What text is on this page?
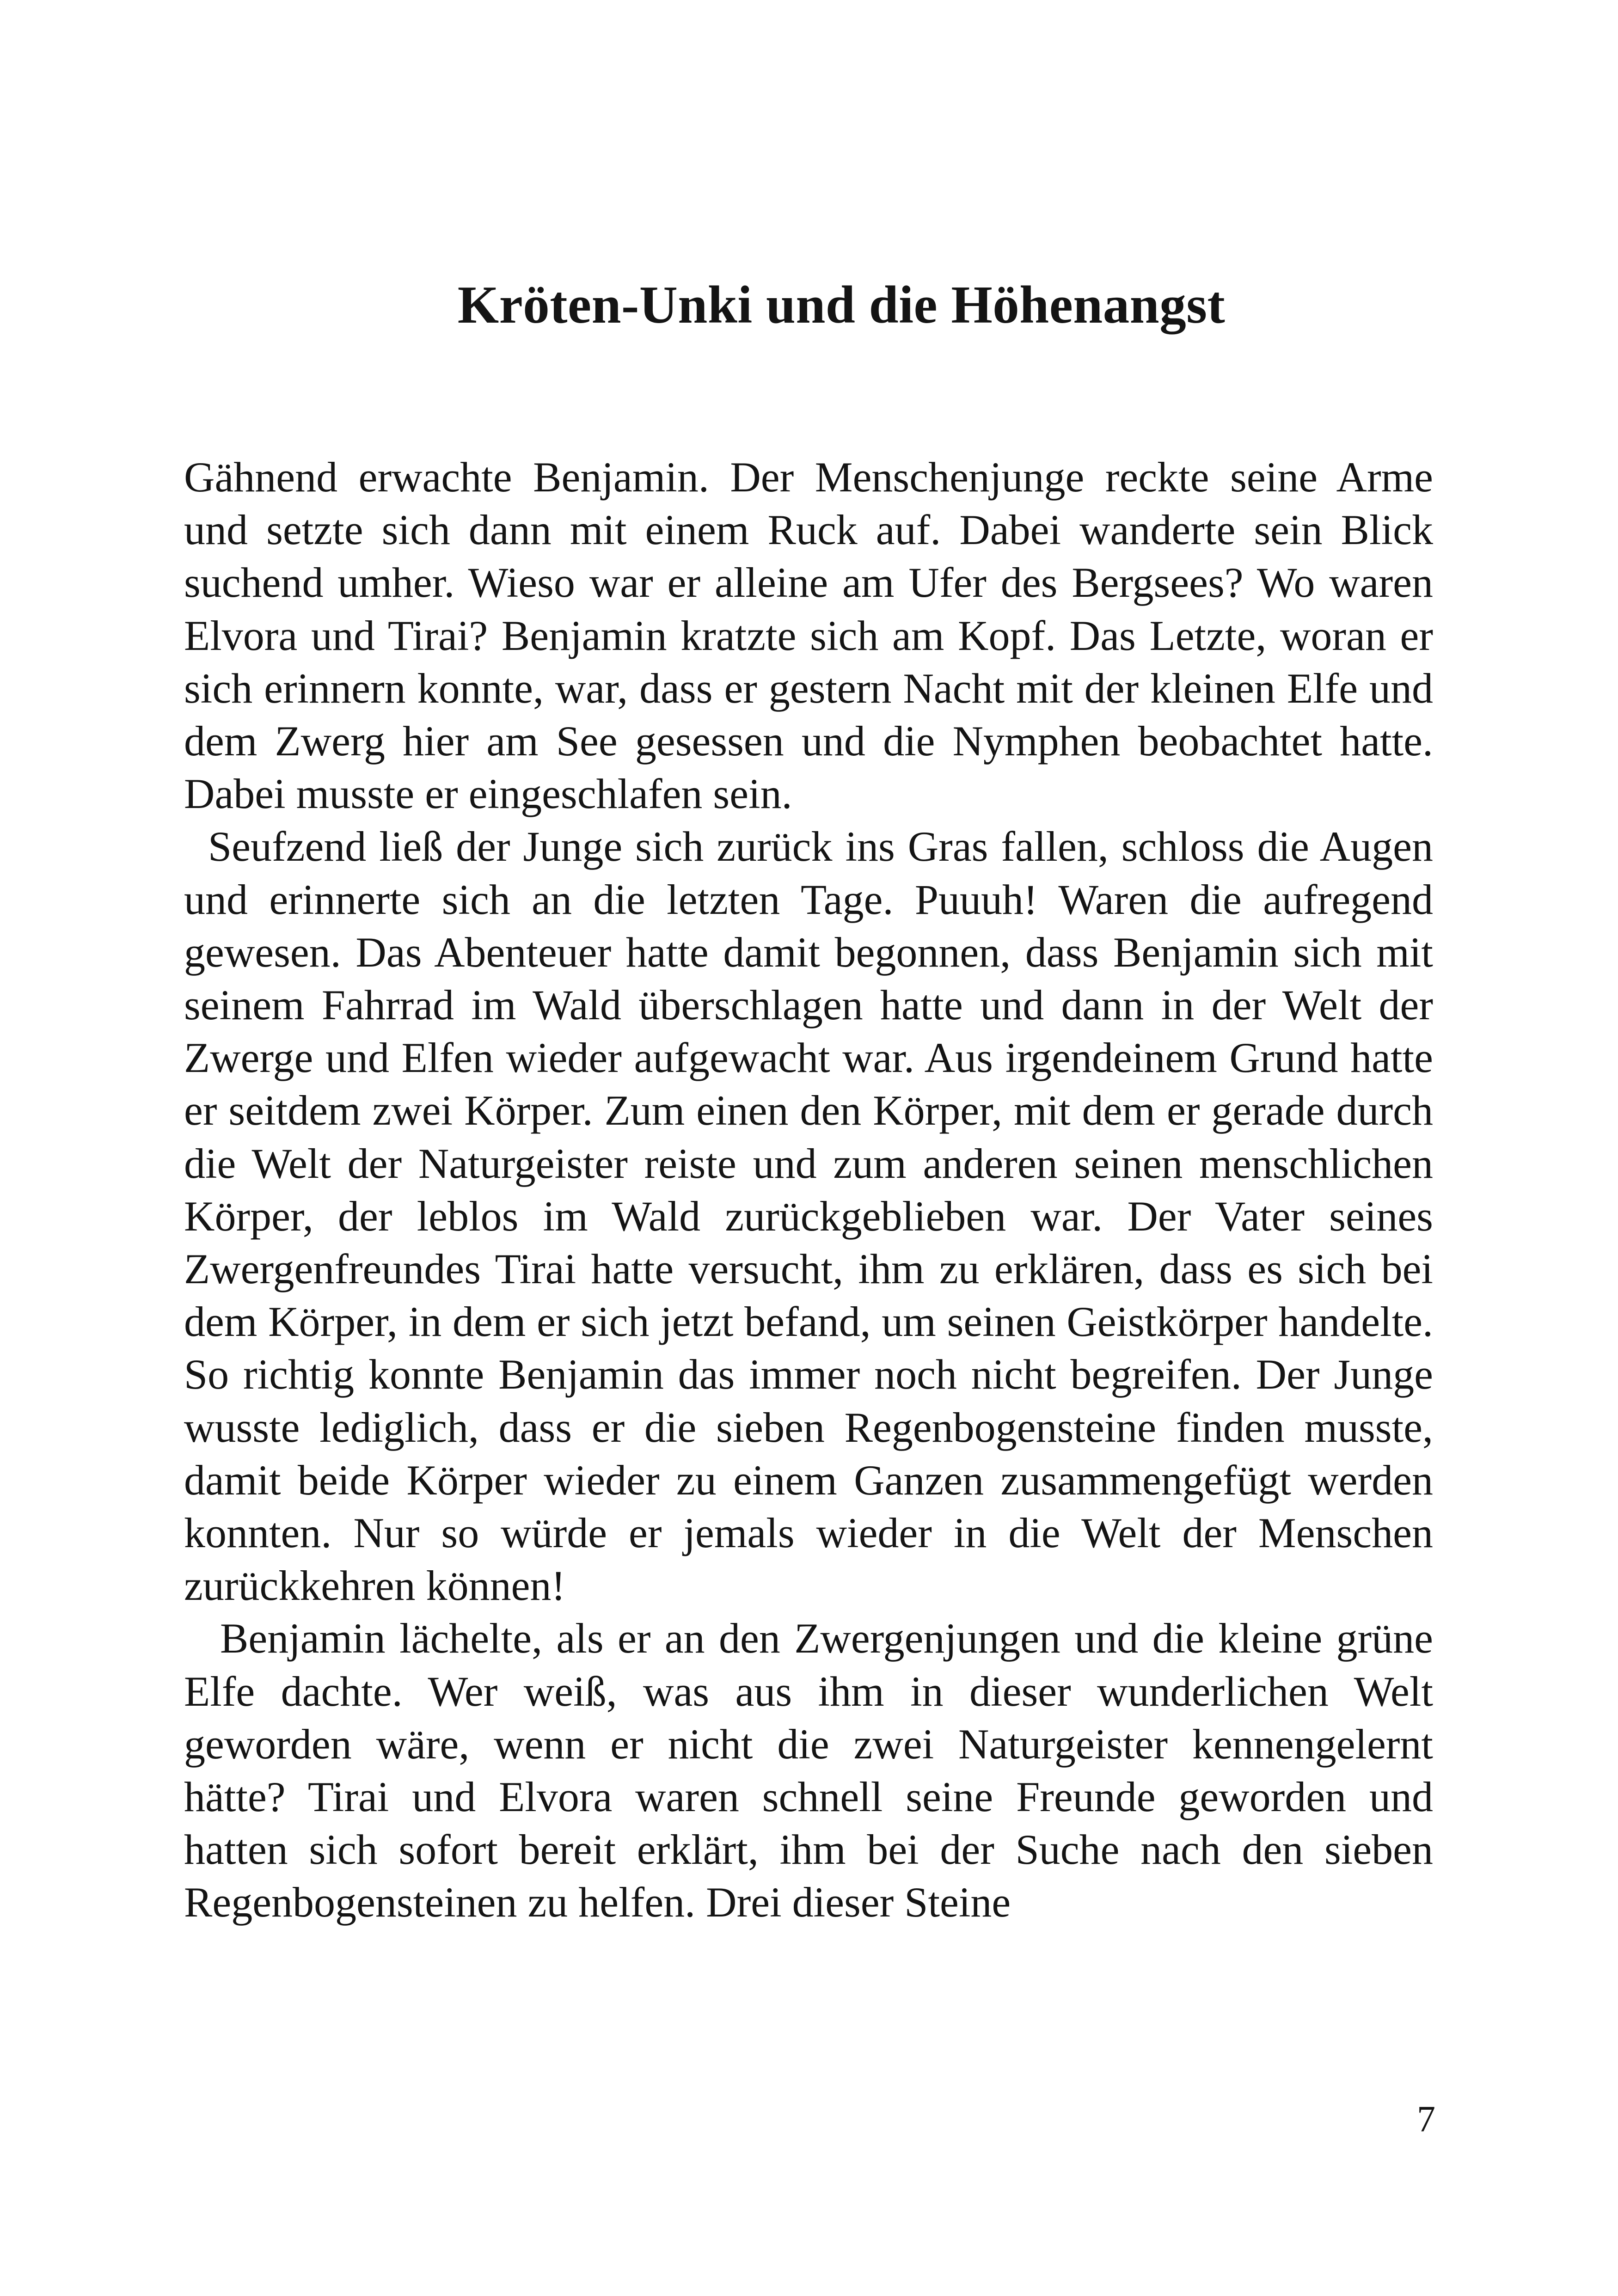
Kröten-Unki und die Höhenangst

Gähnend erwachte Benjamin. Der Menschenjunge reckte seine Arme und setzte sich dann mit einem Ruck auf. Dabei wanderte sein Blick suchend umher. Wieso war er alleine am Ufer des Bergsees? Wo waren Elvora und Tirai? Benjamin kratzte sich am Kopf. Das Letzte, woran er sich erinnern konnte, war, dass er gestern Nacht mit der kleinen Elfe und dem Zwerg hier am See gesessen und die Nymphen beobachtet hatte. Dabei musste er eingeschlafen sein.

Seufzend ließ der Junge sich zurück ins Gras fallen, schloss die Augen und erinnerte sich an die letzten Tage. Puuuh! Waren die aufregend gewesen. Das Abenteuer hatte damit begonnen, dass Benjamin sich mit seinem Fahrrad im Wald überschlagen hatte und dann in der Welt der Zwerge und Elfen wieder aufgewacht war. Aus irgendeinem Grund hatte er seitdem zwei Körper. Zum einen den Körper, mit dem er gerade durch die Welt der Naturgeister reiste und zum anderen seinen menschlichen Körper, der leblos im Wald zurückgeblieben war. Der Vater seines Zwergenfreundes Tirai hatte versucht, ihm zu erklären, dass es sich bei dem Körper, in dem er sich jetzt befand, um seinen Geistkörper handelte. So richtig konnte Benjamin das immer noch nicht begreifen. Der Junge wusste lediglich, dass er die sieben Regenbogensteine finden musste, damit beide Körper wieder zu einem Ganzen zusammengefügt werden konnten. Nur so würde er jemals wieder in die Welt der Menschen zurückkehren können!

Benjamin lächelte, als er an den Zwergenjungen und die kleine grüne Elfe dachte. Wer weiß, was aus ihm in dieser wunderlichen Welt geworden wäre, wenn er nicht die zwei Naturgeister kennengelernt hätte? Tirai und Elvora waren schnell seine Freunde geworden und hatten sich sofort bereit erklärt, ihm bei der Suche nach den sieben Regenbogensteinen zu helfen. Drei dieser Steine

7
